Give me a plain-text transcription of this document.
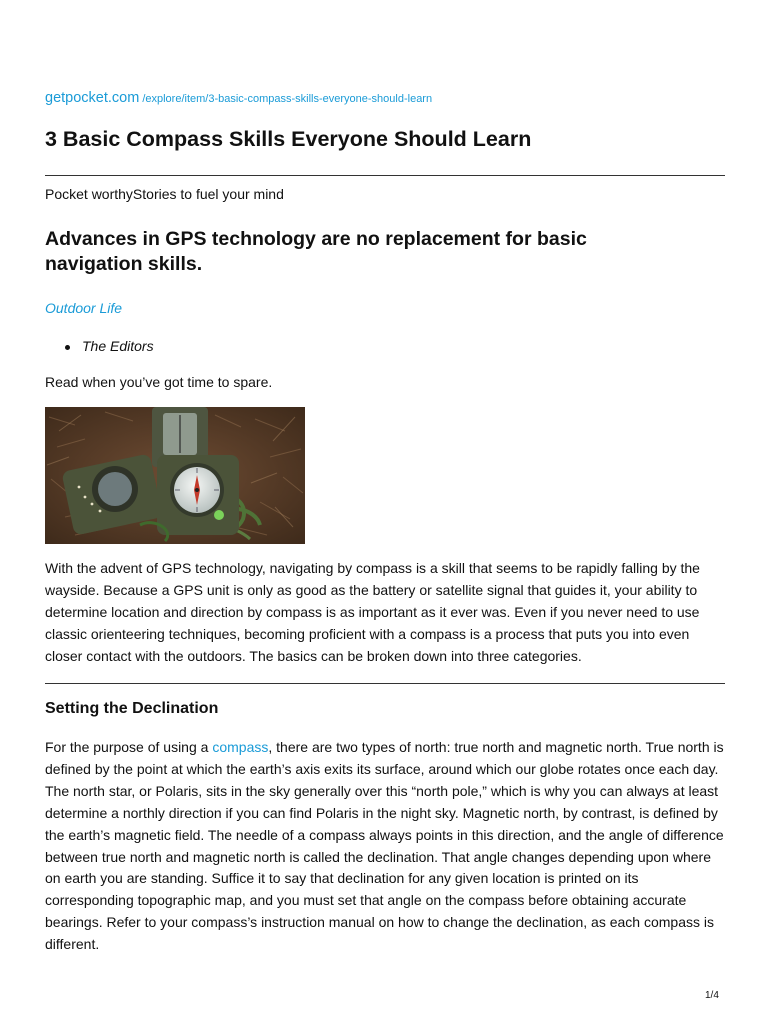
getpocket.com /explore/item/3-basic-compass-skills-everyone-should-learn
3 Basic Compass Skills Everyone Should Learn
Pocket worthyStories to fuel your mind
Advances in GPS technology are no replacement for basic navigation skills.
Outdoor Life
The Editors
Read when you’ve got time to spare.

With the advent of GPS technology, navigating by compass is a skill that seems to be rapidly falling by the wayside. Because a GPS unit is only as good as the battery or satellite signal that guides it, your ability to determine location and direction by compass is as important as it ever was. Even if you never need to use classic orienteering techniques, becoming proficient with a compass is a process that puts you into even closer contact with the outdoors. The basics can be broken down into three categories.

Setting the Declination

For the purpose of using a compass, there are two types of north: true north and magnetic north. True north is defined by the point at which the earth’s axis exits its surface, around which our globe rotates once each day. The north star, or Polaris, sits in the sky generally over this “north pole,” which is why you can always at least determine a northly direction if you can find Polaris in the night sky. Magnetic north, by contrast, is defined by the earth’s magnetic field. The needle of a compass always points in this direction, and the angle of difference between true north and magnetic north is called the declination. That angle changes depending upon where on earth you are standing. Suffice it to say that declination for any given location is printed on its corresponding topographic map, and you must set that angle on the compass before obtaining accurate bearings. Refer to your compass’s instruction manual on how to change the declination, as each compass is different.

1/4
